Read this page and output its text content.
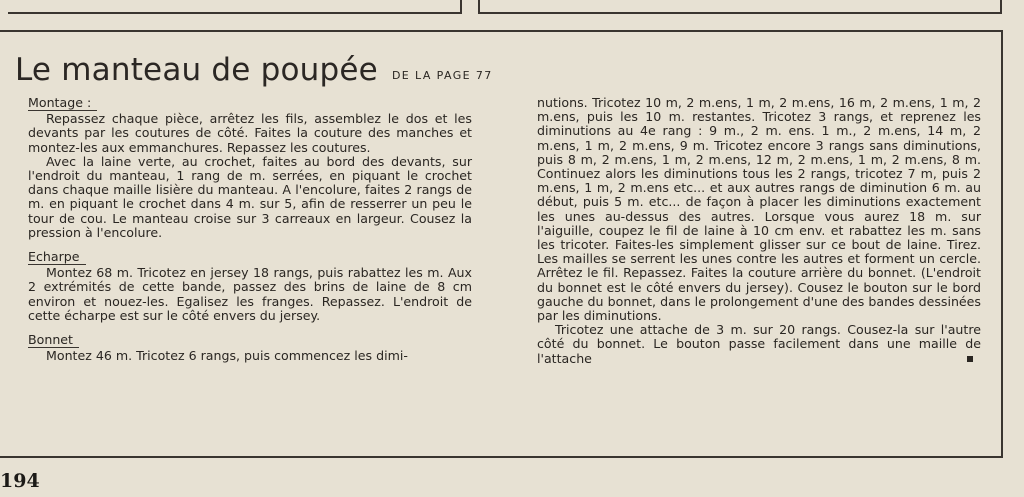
Le manteau de poupée DE LA PAGE 77
Montage :

Repassez chaque pièce, arrêtez les fils, assemblez le dos et les devants par les coutures de côté. Faites la couture des manches et montez-les aux emmanchures. Repassez les coutures.

Avec la laine verte, au crochet, faites au bord des devants, sur l'endroit du manteau, 1 rang de m. serrées, en piquant le crochet dans chaque maille lisière du manteau. A l'encolure, faites 2 rangs de m. en piquant le crochet dans 4 m. sur 5, afin de resserrer un peu le tour de cou. Le manteau croise sur 3 carreaux en largeur. Cousez la pression à l'encolure.

Echarpe

Montez 68 m. Tricotez en jersey 18 rangs, puis rabattez les m. Aux 2 extrémités de cette bande, passez des brins de laine de 8 cm environ et nouez-les. Egalisez les franges. Repassez. L'endroit de cette écharpe est sur le côté envers du jersey.

Bonnet

Montez 46 m. Tricotez 6 rangs, puis commencez les dimi-

nutions. Tricotez 10 m, 2 m.ens, 1 m, 2 m.ens, 16 m, 2 m.ens, 1 m, 2 m.ens, puis les 10 m. restantes. Tricotez 3 rangs, et reprenez les diminutions au 4e rang : 9 m., 2 m. ens. 1 m., 2 m.ens, 14 m, 2 m.ens, 1 m, 2 m.ens, 9 m. Tricotez encore 3 rangs sans diminutions, puis 8 m, 2 m.ens, 1 m, 2 m.ens, 12 m, 2 m.ens, 1 m, 2 m.ens, 8 m. Continuez alors les diminutions tous les 2 rangs, tricotez 7 m, puis 2 m.ens, 1 m, 2 m.ens etc... et aux autres rangs de diminution 6 m. au début, puis 5 m. etc... de façon à placer les diminutions exactement les unes au-dessus des autres. Lorsque vous aurez 18 m. sur l'aiguille, coupez le fil de laine à 10 cm env. et rabattez les m. sans les tricoter. Faites-les simplement glisser sur ce bout de laine. Tirez. Les mailles se serrent les unes contre les autres et forment un cercle. Arrêtez le fil. Repassez. Faites la couture arrière du bonnet. (L'endroit du bonnet est le côté envers du jersey). Cousez le bouton sur le bord gauche du bonnet, dans le prolongement d'une des bandes dessinées par les diminutions.

Tricotez une attache de 3 m. sur 20 rangs. Cousez-la sur l'autre côté du bonnet. Le bouton passe facilement dans une maille de l'attache

194
